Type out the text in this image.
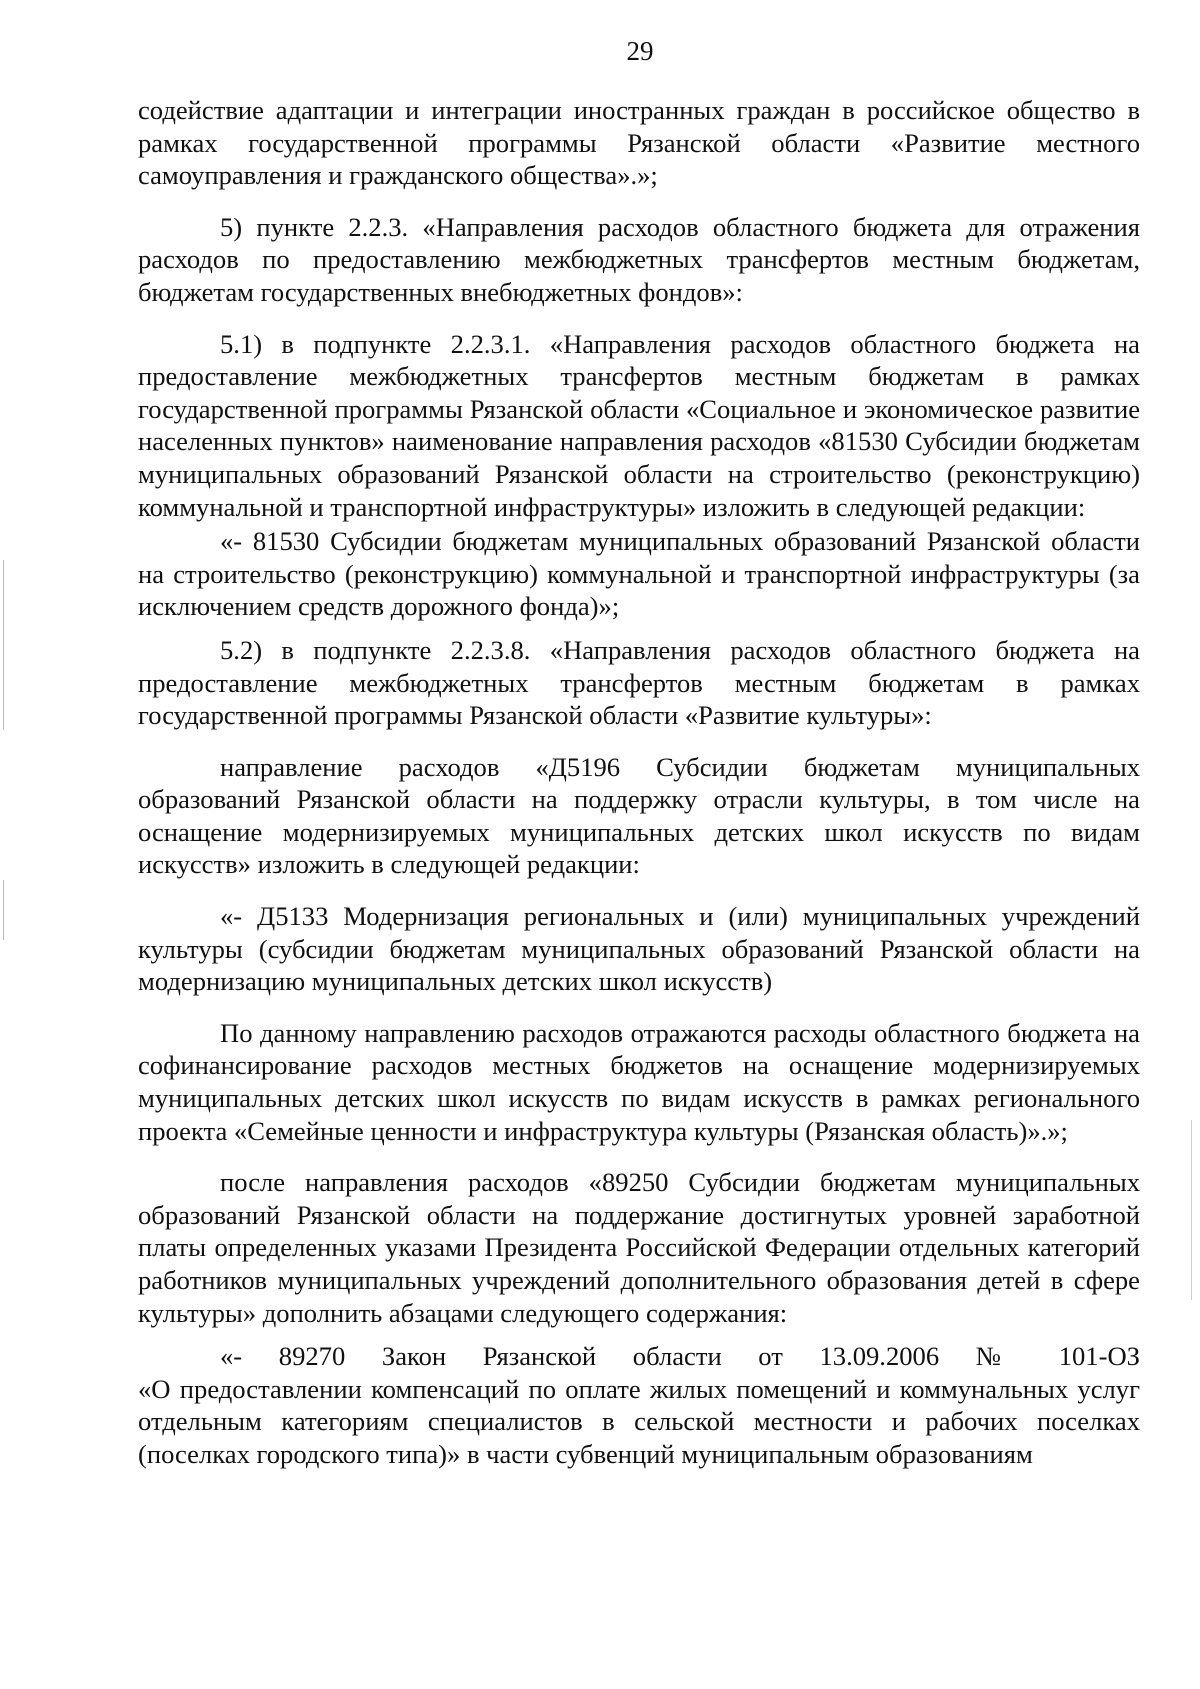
29

содействие адаптации и интеграции иностранных граждан в российское общество в рамках государственной программы Рязанской области «Развитие местного самоуправления и гражданского общества».»;

5) пункте 2.2.3. «Направления расходов областного бюджета для отражения расходов по предоставлению межбюджетных трансфертов местным бюджетам, бюджетам государственных внебюджетных фондов»:

5.1) в подпункте 2.2.3.1. «Направления расходов областного бюджета на предоставление межбюджетных трансфертов местным бюджетам в рамках государственной программы Рязанской области «Социальное и экономическое развитие населенных пунктов» наименование направления расходов «81530 Субсидии бюджетам муниципальных образований Рязанской области на строительство (реконструкцию) коммунальной и транспортной инфраструктуры» изложить в следующей редакции:

«- 81530 Субсидии бюджетам муниципальных образований Рязанской области на строительство (реконструкцию) коммунальной и транспортной инфраструктуры (за исключением средств дорожного фонда)»;

5.2) в подпункте 2.2.3.8. «Направления расходов областного бюджета на предоставление межбюджетных трансфертов местным бюджетам в рамках государственной программы Рязанской области «Развитие культуры»:

направление расходов «Д5196 Субсидии бюджетам муниципальных образований Рязанской области на поддержку отрасли культуры, в том числе на оснащение модернизируемых муниципальных детских школ искусств по видам искусств» изложить в следующей редакции:

«- Д5133 Модернизация региональных и (или) муниципальных учреждений культуры (субсидии бюджетам муниципальных образований Рязанской области на модернизацию муниципальных детских школ искусств)

По данному направлению расходов отражаются расходы областного бюджета на софинансирование расходов местных бюджетов на оснащение модернизируемых муниципальных детских школ искусств по видам искусств в рамках регионального проекта «Семейные ценности и инфраструктура культуры (Рязанская область)».»;

после направления расходов «89250 Субсидии бюджетам муниципальных образований Рязанской области на поддержание достигнутых уровней заработной платы определенных указами Президента Российской Федерации отдельных категорий работников муниципальных учреждений дополнительного образования детей в сфере культуры» дополнить абзацами следующего содержания:

«- 89270 Закон Рязанской области от 13.09.2006 № 101-ОЗ

«О предоставлении компенсаций по оплате жилых помещений и коммунальных услуг отдельным категориям специалистов в сельской местности и рабочих поселках (поселках городского типа)» в части субвенций муниципальным образованиям
